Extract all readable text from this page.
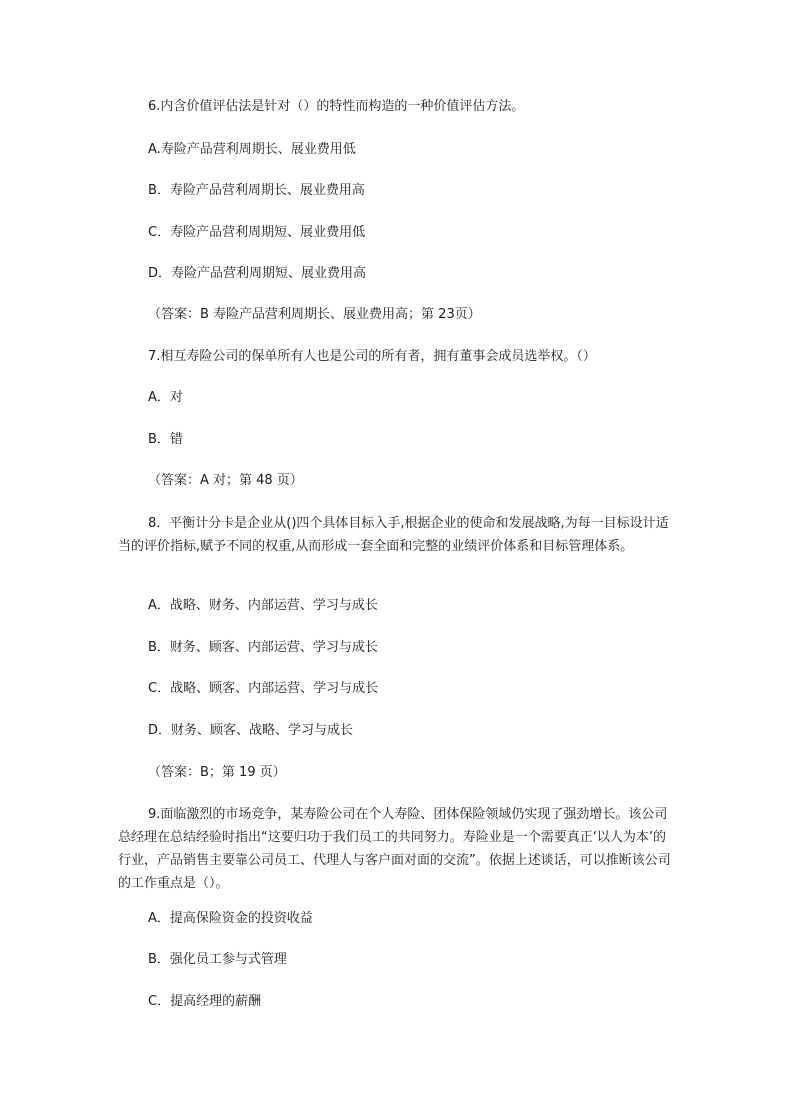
6.内含价值评估法是针对（）的特性而构造的一种价值评估方法。
A.寿险产品营利周期长、展业费用低
B．寿险产品营利周期长、展业费用高
C．寿险产品营利周期短、展业费用低
D．寿险产品营利周期短、展业费用高
（答案：B 寿险产品营利周期长、展业费用高；第 23页）
7.相互寿险公司的保单所有人也是公司的所有者，拥有董事会成员选举权。（）
A．对
B．错
（答案：A 对；第 48 页）
8．平衡计分卡是企业从()四个具体目标入手,根据企业的使命和发展战略,为每一目标设计适当的评价指标,赋予不同的权重,从而形成一套全面和完整的业绩评价体系和目标管理体系。
A．战略、财务、内部运营、学习与成长
B．财务、顾客、内部运营、学习与成长
C．战略、顾客、内部运营、学习与成长
D．财务、顾客、战略、学习与成长
（答案：B；第 19 页）
9.面临激烈的市场竞争，某寿险公司在个人寿险、团体保险领域仍实现了强劲增长。该公司总经理在总结经验时指出“这要归功于我们员工的共同努力。寿险业是一个需要真正‘以人为本’的行业，产品销售主要靠公司员工、代理人与客户面对面的交流”。依据上述谈话，可以推断该公司的工作重点是（）。
A．提高保险资金的投资收益
B．强化员工参与式管理
C．提高经理的薪酬
